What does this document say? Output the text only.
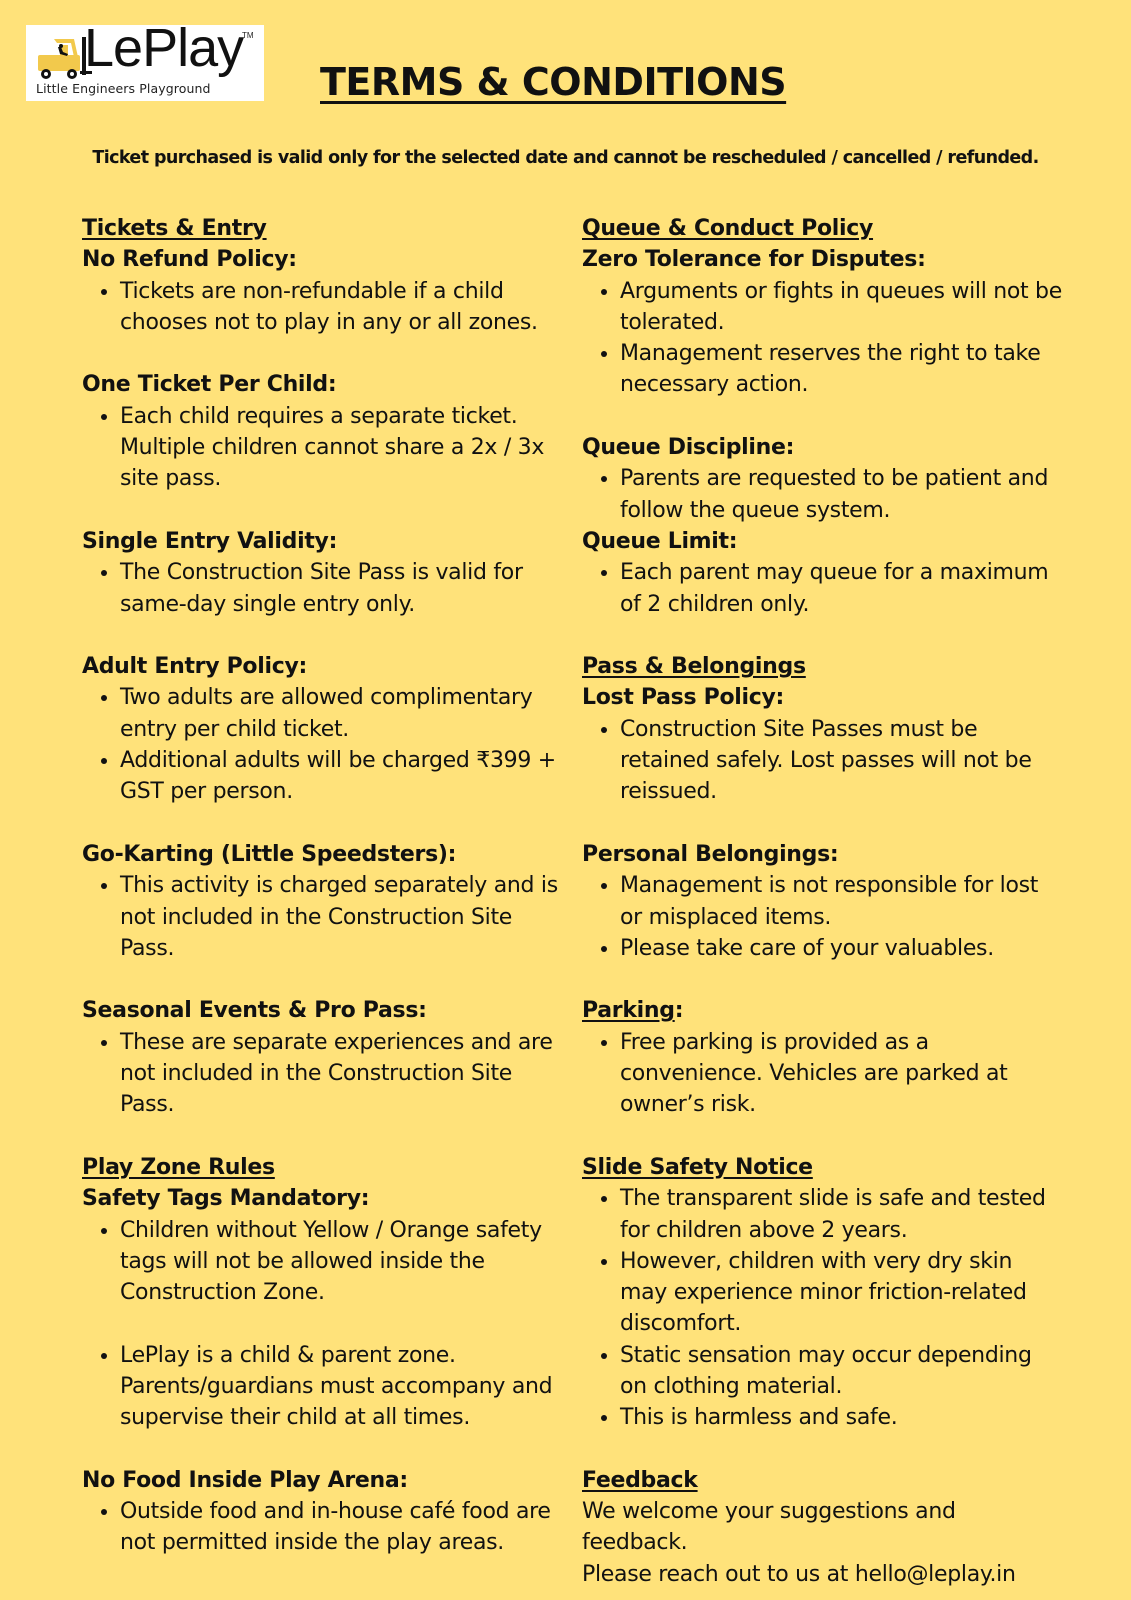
LePlay
TM
Little Engineers Playground	TERMS & CONDITIONS

Ticket purchased is valid only for the selected date and cannot be rescheduled / cancelled / refunded.

Tickets & Entry

No Refund Policy:

• Tickets are non-refundable if a child chooses not to play in any or all zones.

One Ticket Per Child:

• Each child requires a separate ticket. Multiple children cannot share a 2x / 3x site pass.

Single Entry Validity:

• The Construction Site Pass is valid for same-day single entry only.

Adult Entry Policy:

• Two adults are allowed complimentary entry per child ticket.
• Additional adults will be charged ₹399 + GST per person.

Go-Karting (Little Speedsters):

• This activity is charged separately and is not included in the Construction Site Pass.

Seasonal Events & Pro Pass:

• These are separate experiences and are not included in the Construction Site Pass.

Play Zone Rules

Safety Tags Mandatory:

• Children without Yellow / Orange safety tags will not be allowed inside the Construction Zone.
• LePlay is a child & parent zone. Parents/guardians must accompany and supervise their child at all times.

No Food Inside Play Arena:

• Outside food and in-house café food are not permitted inside the play areas.

Queue & Conduct Policy

Zero Tolerance for Disputes:

• Arguments or fights in queues will not be tolerated.
• Management reserves the right to take necessary action.

Queue Discipline:

• Parents are requested to be patient and follow the queue system.

Queue Limit:

• Each parent may queue for a maximum of 2 children only.

Pass & Belongings

Lost Pass Policy:

• Construction Site Passes must be retained safely. Lost passes will not be reissued.

Personal Belongings:

• Management is not responsible for lost or misplaced items.
• Please take care of your valuables.

Parking:

• Free parking is provided as a convenience. Vehicles are parked at owner’s risk.

Slide Safety Notice

• The transparent slide is safe and tested for children above 2 years.
• However, children with very dry skin may experience minor friction-related discomfort.
• Static sensation may occur depending on clothing material.
• This is harmless and safe.

Feedback

We welcome your suggestions and feedback.

Please reach out to us at hello@leplay.in
